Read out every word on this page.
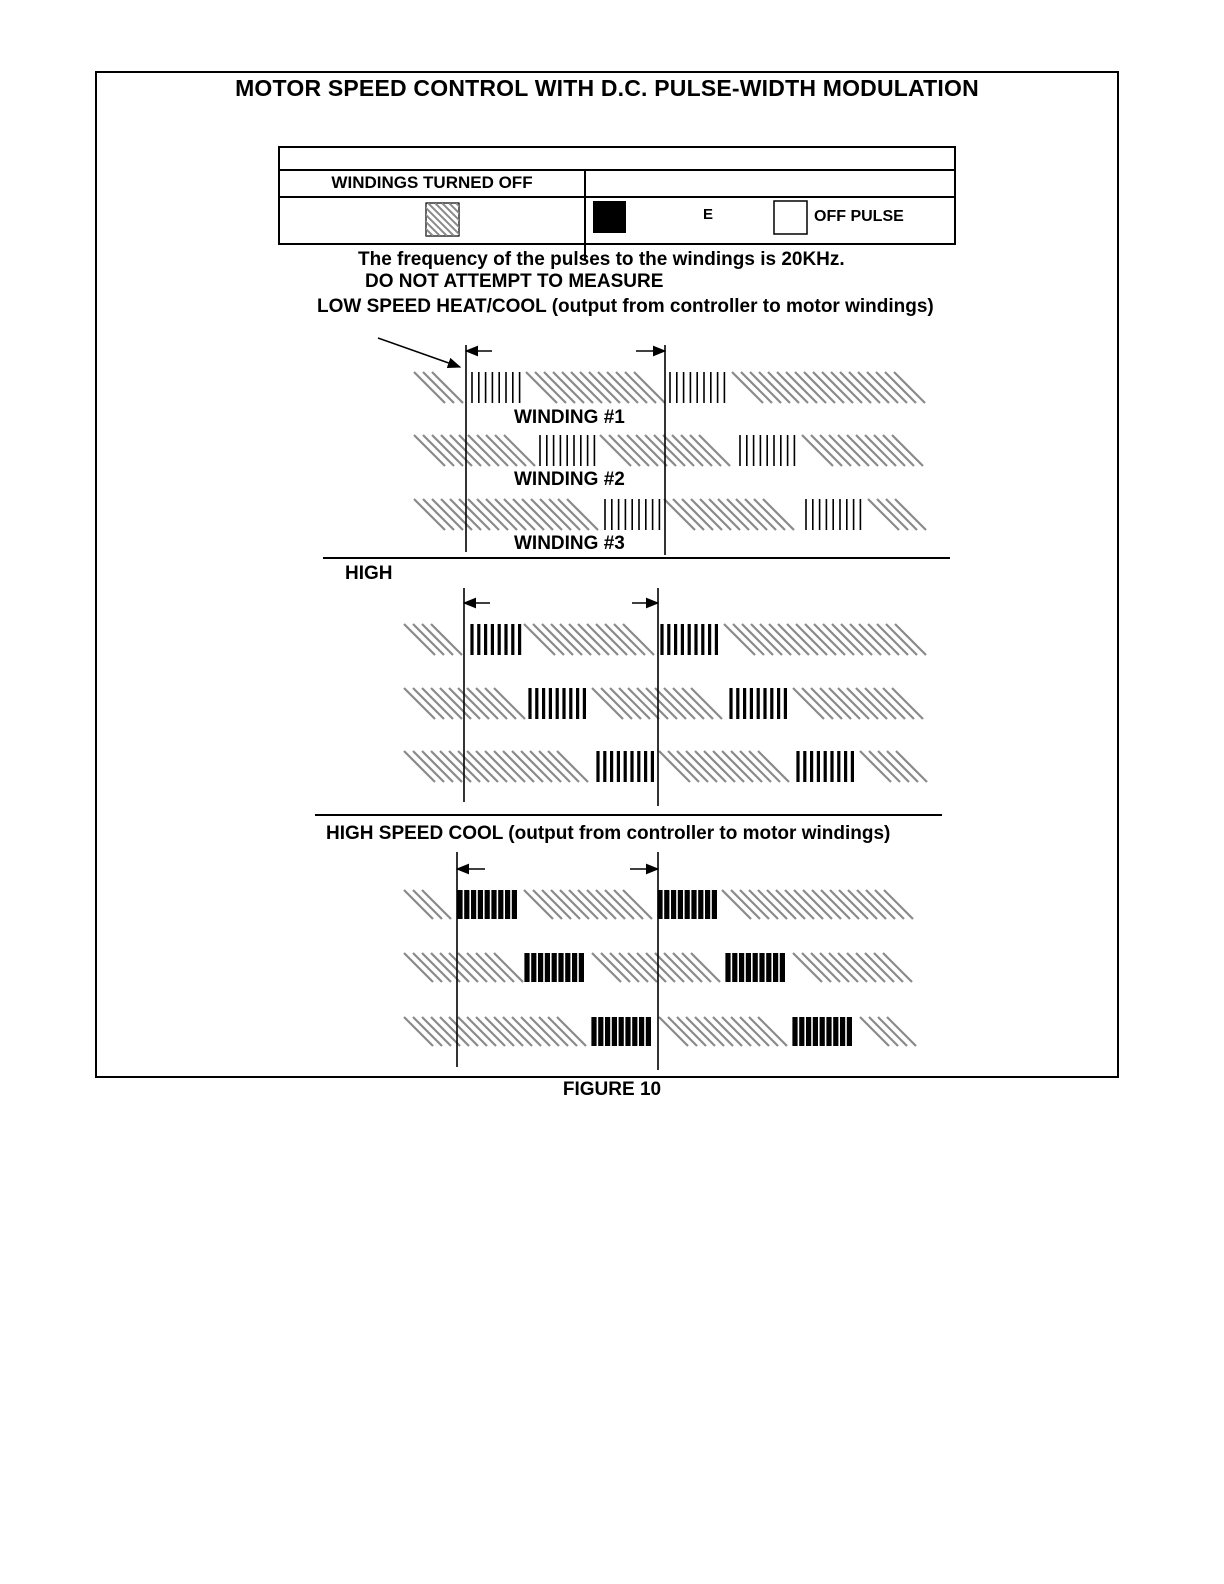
MOTOR SPEED CONTROL WITH D.C. PULSE-WIDTH MODULATION
WINDINGS TURNED OFF
E	OFF PULSE
The frequency of the pulses to the windings is 20KHz.
DO NOT ATTEMPT TO MEASURE
LOW SPEED HEAT/COOL (output from controller to motor windings)
WINDING #1
WINDING #2
WINDING #3
HIGH
HIGH SPEED COOL (output from controller to motor windings)
FIGURE 10
